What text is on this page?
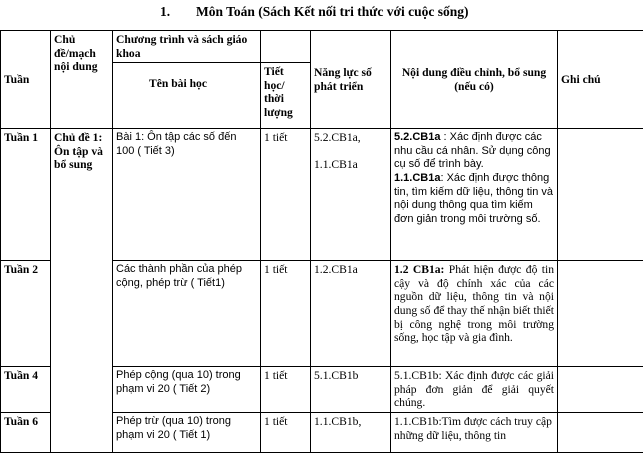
1. Môn Toán (Sách Kết nối tri thức với cuộc sống)
Tuần	Chủ đề/mạch nội dung	Chương trình và sách giáo khoa		Năng lực số phát triển	Nội dung điều chỉnh, bổ sung (nếu có)	Ghi chú
		Tên bài học	Tiết học/ thời lượng			
Tuần 1	Chủ đề 1: Ôn tập và bổ sung	Bài 1: Ôn tập các số đến 100 ( Tiết 3)	1 tiết	5.2.CB1a,
1.1.CB1a	5.2.CB1a : Xác định được các nhu cầu cá nhân. Sử dụng công cụ số để trình bày.
1.1.CB1a: Xác định được thông tin, tìm kiếm dữ liệu, thông tin và nội dung thông qua tìm kiếm đơn giản trong môi trường số.	
Tuần 2		Các thành phần của phép cộng, phép trừ ( Tiết1)	1 tiết	1.2.CB1a	1.2 CB1a: Phát hiện được độ tin cậy và độ chính xác của các nguồn dữ liệu, thông tin và nội dung số để thay thế nhận biết thiết bị công nghệ trong môi trường sống, học tập và gia đình.	
Tuần 4		Phép cộng (qua 10) trong phạm vi 20 ( Tiết 2)	1 tiết	5.1.CB1b	5.1.CB1b: Xác định được các giải pháp đơn giản để giải quyết chúng.	
Tuần 6		Phép trừ (qua 10) trong phạm vi 20 ( Tiết 1)	1 tiết	1.1.CB1b,	1.1.CB1b:Tìm được cách truy cập những dữ liệu, thông tin	
